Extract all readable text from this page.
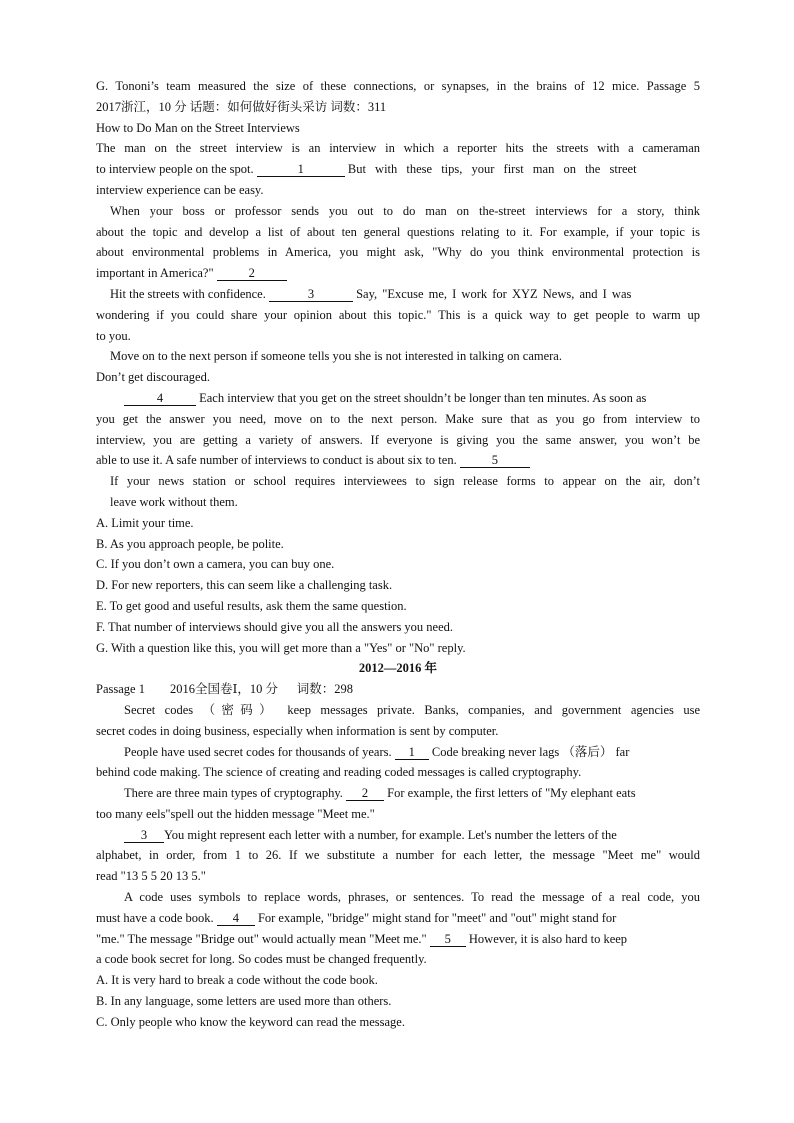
G. Tononi’s team measured the size of these connections, or synapses, in the brains of 12 mice. Passage 5
2017浙江，10 分 话题：如何做好街头采访 词数：311
How to Do Man on the Street Interviews
The man on the street interview is an interview in which a reporter hits the streets with a cameraman
to interview people on the spot.	1	But with these tips, your first man on the street
interview experience can be easy.
When your boss or professor sends you out to do man on the-street interviews for a story, think
about the topic and develop a list of about ten general questions relating to it. For example, if your topic is
about environmental problems in America, you might ask, "Why do you think environmental protection is
important in America?"	2
Hit the streets with confidence.	3	Say, "Excuse me, I work for XYZ News, and I was
wondering if you could share your opinion about this topic." This is a quick way to get people to warm up
to you.
Move on to the next person if someone tells you she is not interested in talking on camera.
Don’t get discouraged.
4	Each interview that you get on the street shouldn’t be longer than ten minutes. As soon as
you get the answer you need, move on to the next person. Make sure that as you go from interview to
interview, you are getting a variety of answers. If everyone is giving you the same answer, you won’t be
able to use it. A safe number of interviews to conduct is about six to ten.	5
If your news station or school requires interviewees to sign release forms to appear on the air, don’t
leave work without them.
A. Limit your time.
B. As you approach people, be polite.
C. If you don’t own a camera, you can buy one.
D. For new reporters, this can seem like a challenging task.
E. To get good and useful results, ask them the same question.
F. That number of interviews should give you all the answers you need.
G. With a question like this, you will get more than a "Yes" or "No" reply.
2012—2016 年
Passage 1        2016全国卷Ⅰ，10 分      词数：298
Secret codes （密码） keep messages private. Banks, companies, and government agencies use
secret codes in doing business, especially when information is sent by computer.
People have used secret codes for thousands of years. 1 Code breaking never lags （落后） far
behind code making. The science of creating and reading coded messages is called cryptography.
There are three main types of cryptography. 2 For example, the first letters of "My elephant eats
too many eels"spell out the hidden message "Meet me."
3 You might represent each letter with a number, for example. Let's number the letters of the
alphabet, in order, from 1 to 26. If we substitute a number for each letter, the message "Meet me" would
read "13 5 5 20 13 5."
A code uses symbols to replace words, phrases, or sentences. To read the message of a real code, you
must have a code book. 4 For example, "bridge" might stand for "meet" and "out" might stand for
"me." The message "Bridge out" would actually mean "Meet me." 5 However, it is also hard to keep
a code book secret for long. So codes must be changed frequently.
A. It is very hard to break a code without the code book.
B. In any language, some letters are used more than others.
C. Only people who know the keyword can read the message.
